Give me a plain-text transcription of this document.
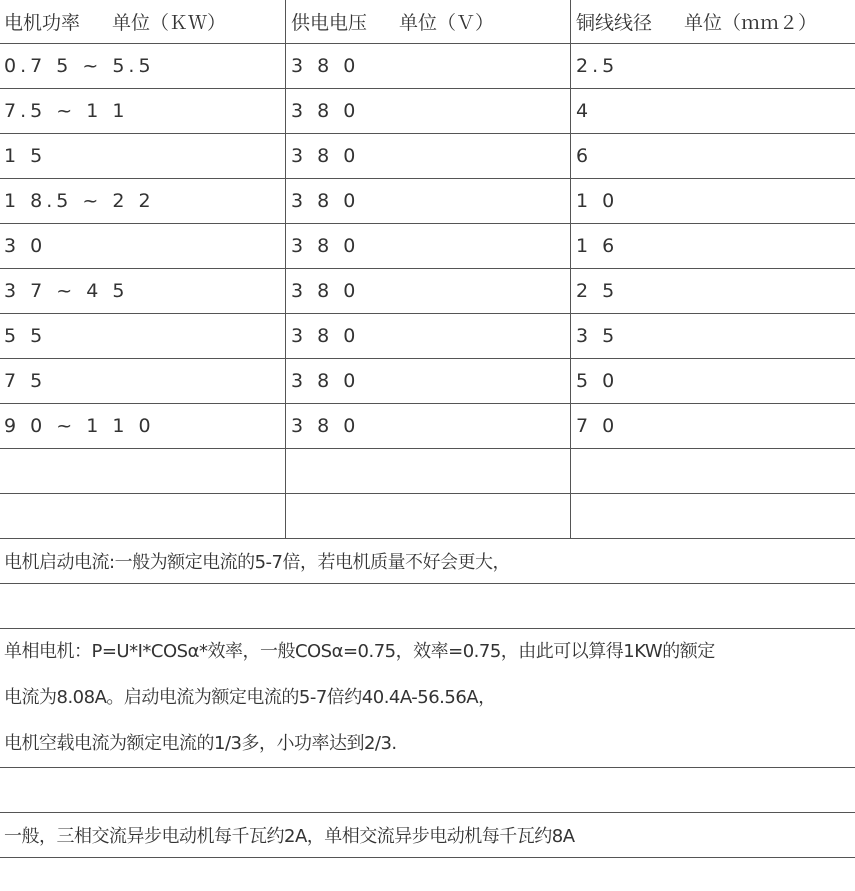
电机功率 单位（ＫＷ）	供电电压 单位（Ｖ）	铜线线径 单位（ｍｍ２）
0.7 5 ~ 5.5	3 8 0	2.5
7.5 ~ 1 1	3 8 0	4
1 5	3 8 0	6
1 8.5 ~ 2 2	3 8 0	1 0
3 0	3 8 0	1 6
3 7 ~ 4 5	3 8 0	2 5
5 5	3 8 0	3 5
7 5	3 8 0	5 0
9 0 ~ 1 1 0	3 8 0	7 0

电机启动电流:一般为额定电流的5-7倍，若电机质量不好会更大，		

单相电机：P=U*I*COSα*效率，一般COSα=0.75，效率=0.75，由此可以算得1KW的额定
电流为8.08A。启动电流为额定电流的5-7倍约40.4A-56.56A，
电机空载电流为额定电流的1/3多，小功率达到2/3.		

一般，三相交流异步电动机每千瓦约2A，单相交流异步电动机每千瓦约8A		
